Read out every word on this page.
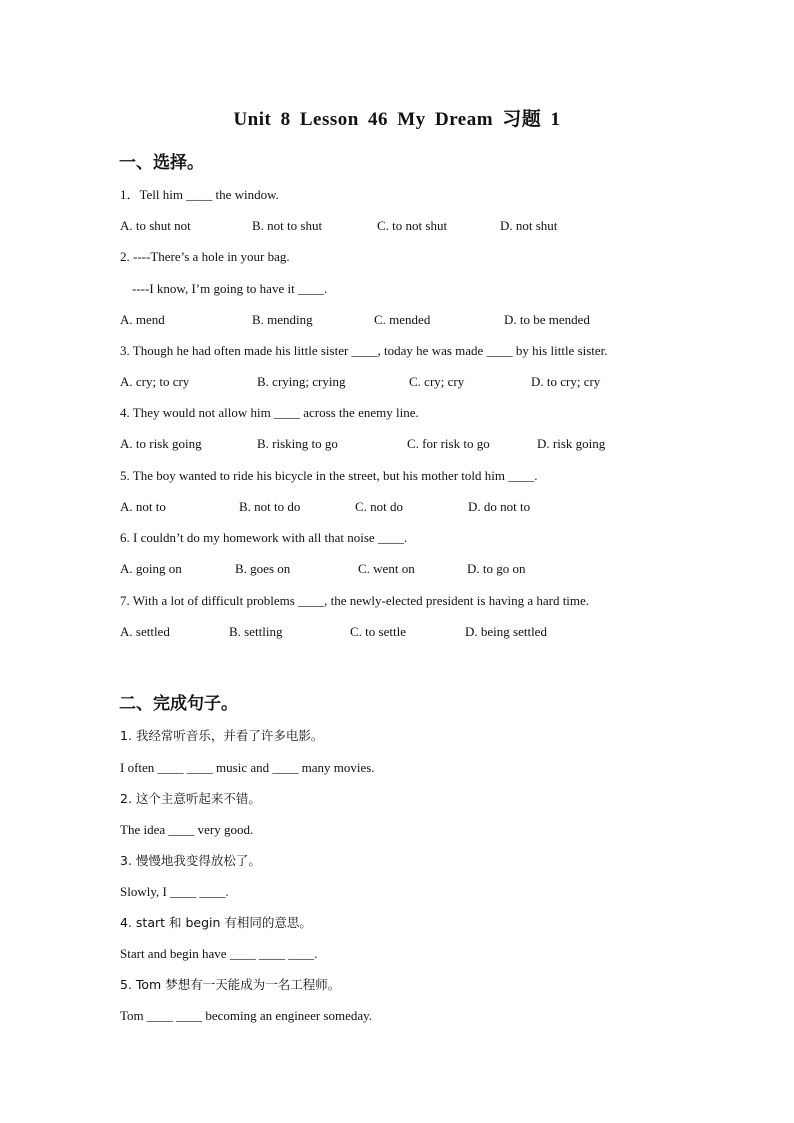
Unit 8 Lesson 46 My Dream 习题 1
一、选择。
1．Tell him ____ the window.
A. to shut not	B. not to shut	C. to not shut	D. not shut
2. ----There’s a hole in your bag.
----I know, I’m going to have it ____.
A. mend	B. mending	C. mended	D. to be mended
3. Though he had often made his little sister ____, today he was made ____ by his little sister.
A. cry; to cry	B. crying; crying	C. cry; cry	D. to cry; cry
4. They would not allow him ____ across the enemy line.
A. to risk going	B. risking to go	C. for risk to go	D. risk going
5. The boy wanted to ride his bicycle in the street, but his mother told him ____.
A. not to	B. not to do	C. not do	D. do not to
6. I couldn’t do my homework with all that noise ____.
A. going on	B. goes on	C. went on	D. to go on
7. With a lot of difficult problems ____, the newly-elected president is having a hard time.
A. settled	B. settling	C. to settle	D. being settled
二、完成句子。
1. 我经常听音乐，并看了许多电影。
I often ____ ____ music and ____ many movies.
2. 这个主意听起来不错。
The idea ____ very good.
3. 慢慢地我变得放松了。
Slowly, I ____ ____.
4. start 和 begin 有相同的意思。
Start and begin have ____ ____ ____.
5. Tom 梦想有一天能成为一名工程师。
Tom ____ ____ becoming an engineer someday.
